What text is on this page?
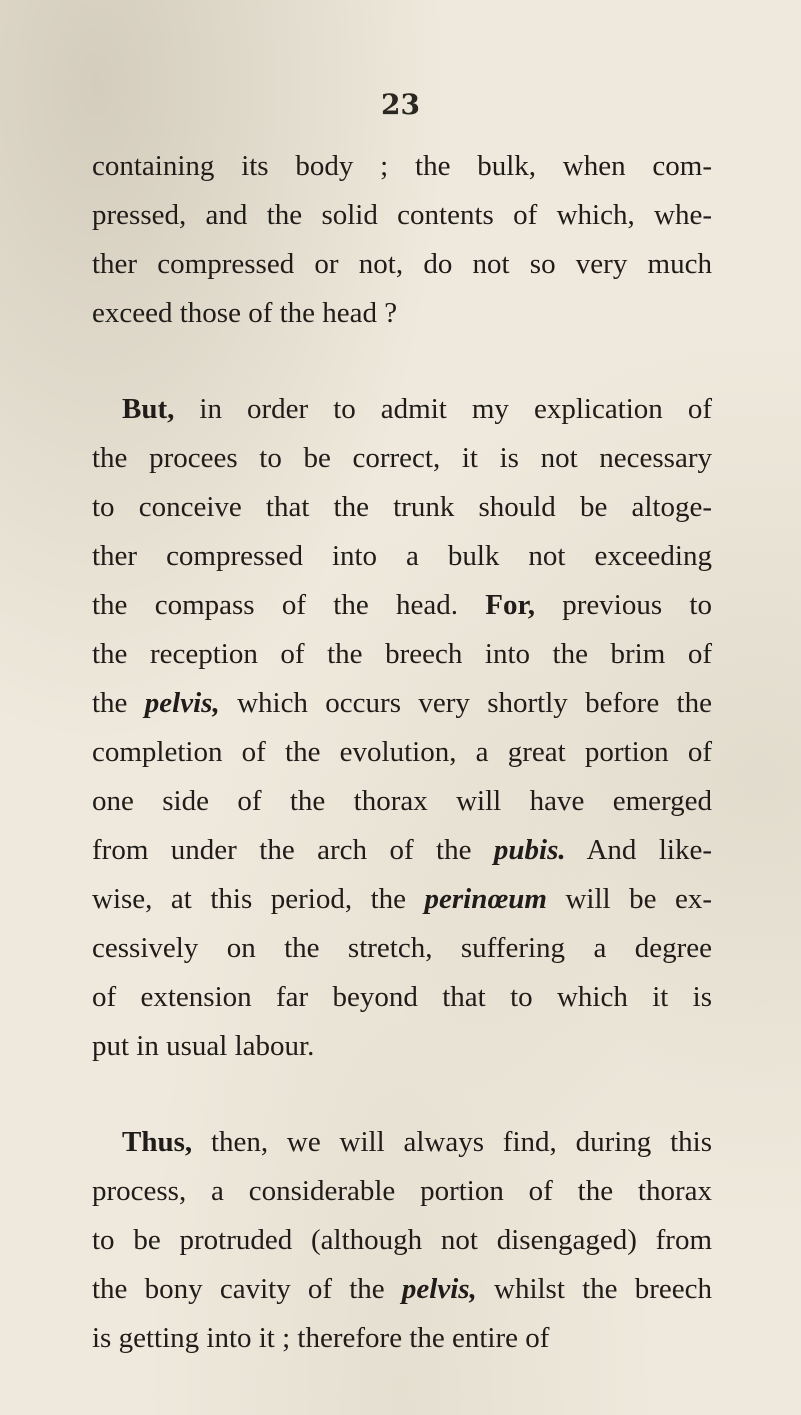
23

containing its body ; the bulk, when com-
pressed, and the solid contents of which, whe-
ther compressed or not, do not so very much
exceed those of the head ?
But, in order to admit my explication of
the procees to be correct, it is not necessary
to conceive that the trunk should be altoge-
ther compressed into a bulk not exceeding
the compass of the head. For, previous to
the reception of the breech into the brim of
the pelvis, which occurs very shortly before the
completion of the evolution, a great portion of
one side of the thorax will have emerged
from under the arch of the pubis. And like-
wise, at this period, the perinœum will be ex-
cessively on the stretch, suffering a degree
of extension far beyond that to which it is
put in usual labour.
Thus, then, we will always find, during this
process, a considerable portion of the thorax
to be protruded (although not disengaged) from
the bony cavity of the pelvis, whilst the breech
is getting into it ; therefore the entire of
